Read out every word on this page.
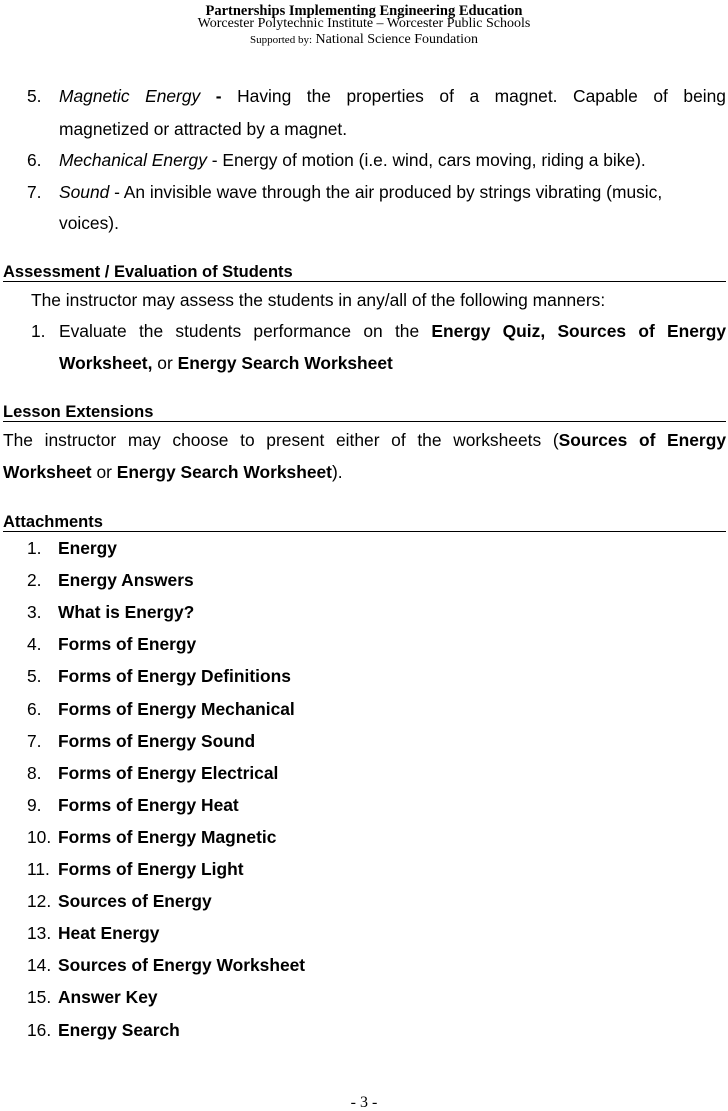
Partnerships Implementing Engineering Education
Worcester Polytechnic Institute – Worcester Public Schools
Supported by: National Science Foundation
5. Magnetic Energy - Having the properties of a magnet. Capable of being
magnetized or attracted by a magnet.
6. Mechanical Energy - Energy of motion (i.e. wind, cars moving, riding a bike).
7. Sound - An invisible wave through the air produced by strings vibrating (music,
voices).
Assessment / Evaluation of Students
The instructor may assess the students in any/all of the following manners:
1. Evaluate the students performance on the Energy Quiz, Sources of Energy
Worksheet, or Energy Search Worksheet
Lesson Extensions
The instructor may choose to present either of the worksheets (Sources of Energy
Worksheet or Energy Search Worksheet).
Attachments
1. Energy
2. Energy Answers
3. What is Energy?
4. Forms of Energy
5. Forms of Energy Definitions
6. Forms of Energy Mechanical
7. Forms of Energy Sound
8. Forms of Energy Electrical
9. Forms of Energy Heat
10. Forms of Energy Magnetic
11. Forms of Energy Light
12. Sources of Energy
13. Heat Energy
14. Sources of Energy Worksheet
15. Answer Key
16. Energy Search
- 3 -
